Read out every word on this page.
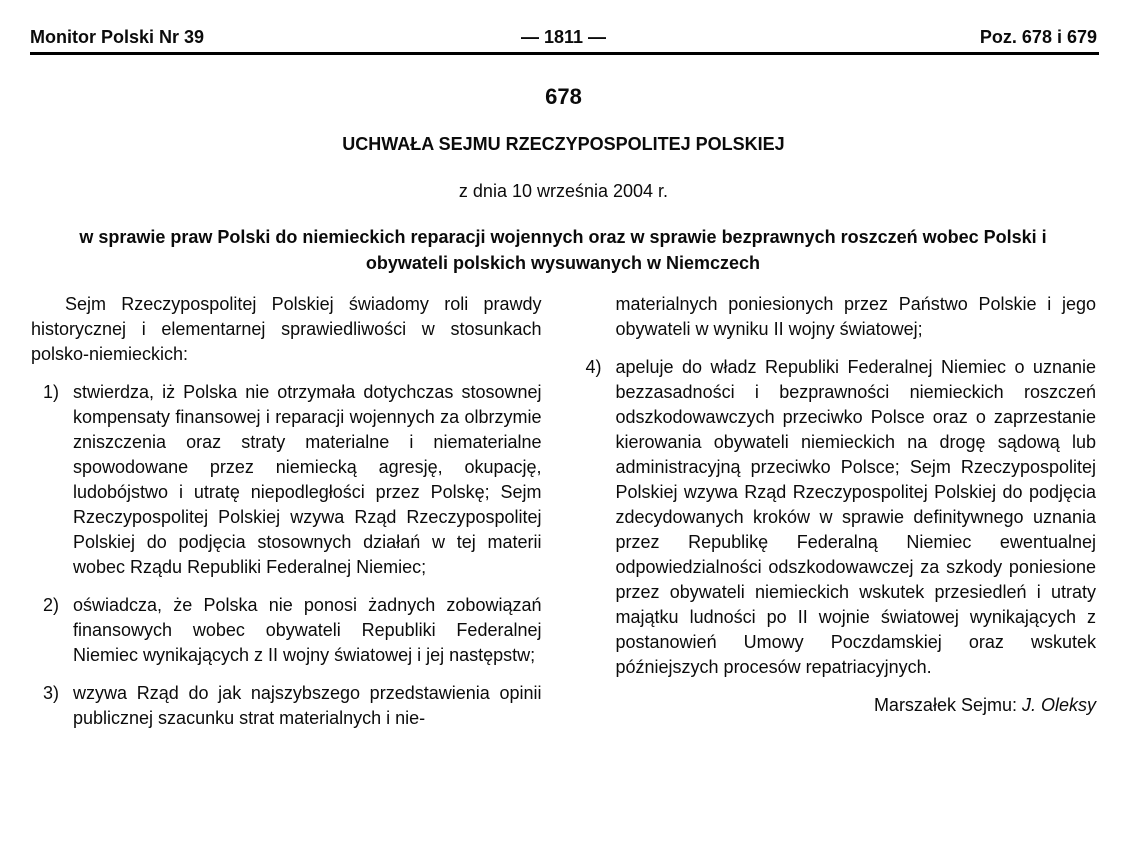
Monitor Polski Nr 39	— 1811 —	Poz. 678 i 679
678
UCHWAŁA SEJMU RZECZYPOSPOLITEJ POLSKIEJ
z dnia 10 września 2004 r.
w sprawie praw Polski do niemieckich reparacji wojennych oraz w sprawie bezprawnych roszczeń wobec Polski i obywateli polskich wysuwanych w Niemczech

Sejm Rzeczypospolitej Polskiej świadomy roli prawdy historycznej i elementarnej sprawiedliwości w stosunkach polsko-niemieckich:

1) stwierdza, iż Polska nie otrzymała dotychczas stosownej kompensaty finansowej i reparacji wojennych za olbrzymie zniszczenia oraz straty materialne i niematerialne spowodowane przez niemiecką agresję, okupację, ludobójstwo i utratę niepodległości przez Polskę; Sejm Rzeczypospolitej Polskiej wzywa Rząd Rzeczypospolitej Polskiej do podjęcia stosownych działań w tej materii wobec Rządu Republiki Federalnej Niemiec;
2) oświadcza, że Polska nie ponosi żadnych zobowiązań finansowych wobec obywateli Republiki Federalnej Niemiec wynikających z II wojny światowej i jej następstw;
3) wzywa Rząd do jak najszybszego przedstawienia opinii publicznej szacunku strat materialnych i nie-

materialnych poniesionych przez Państwo Polskie i jego obywateli w wyniku II wojny światowej;

4) apeluje do władz Republiki Federalnej Niemiec o uznanie bezzasadności i bezprawności niemieckich roszczeń odszkodowawczych przeciwko Polsce oraz o zaprzestanie kierowania obywateli niemieckich na drogę sądową lub administracyjną przeciwko Polsce; Sejm Rzeczypospolitej Polskiej wzywa Rząd Rzeczypospolitej Polskiej do podjęcia zdecydowanych kroków w sprawie definitywnego uznania przez Republikę Federalną Niemiec ewentualnej odpowiedzialności odszkodowawczej za szkody poniesione przez obywateli niemieckich wskutek przesiedleń i utraty majątku ludności po II wojnie światowej wynikających z postanowień Umowy Poczdamskiej oraz wskutek późniejszych procesów repatriacyjnych.

Marszałek Sejmu: J. Oleksy
